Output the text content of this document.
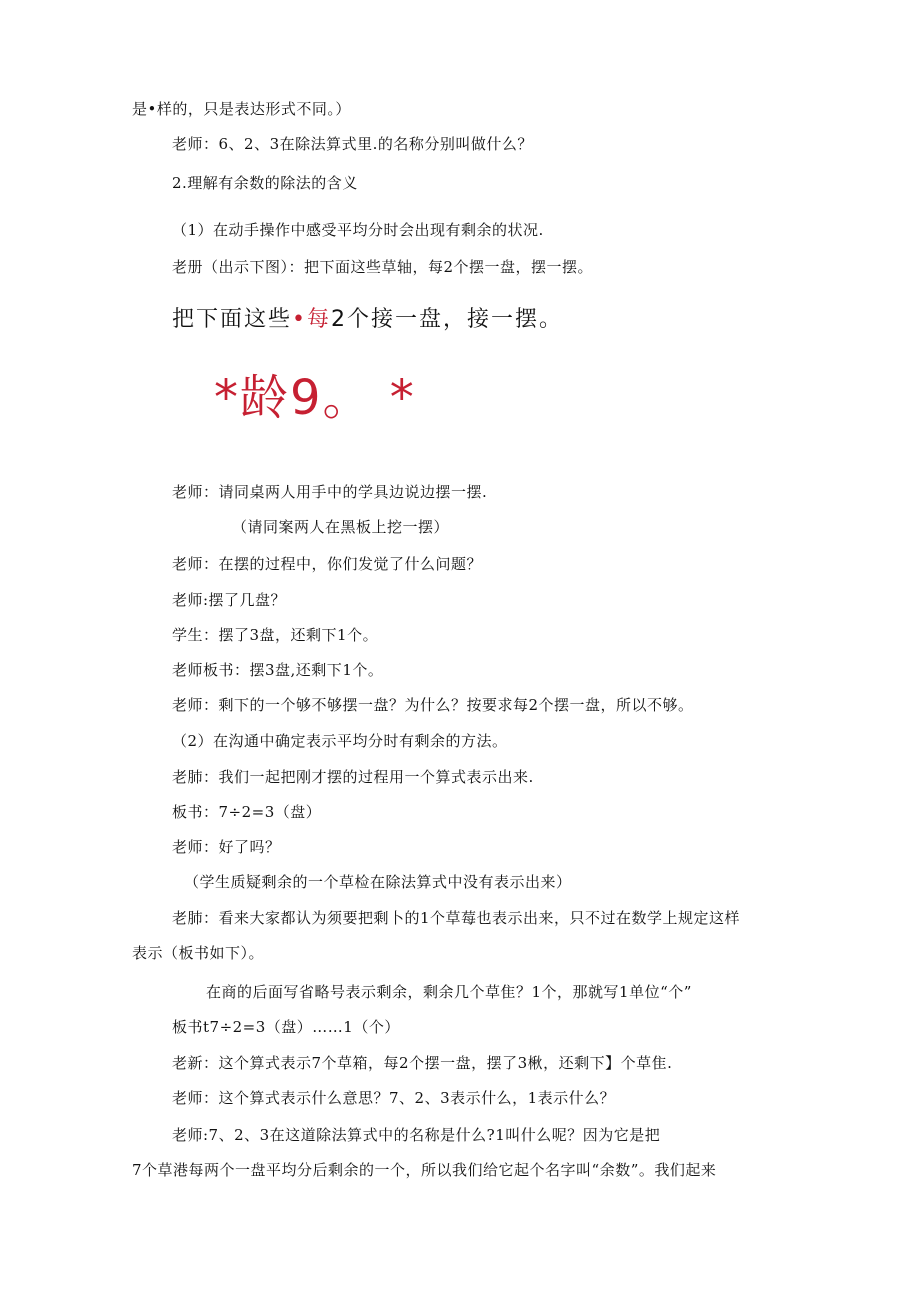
是•样的，只是表达形式不同。）
老师：6、2、3在除法算式里.的名称分别叫做什么？
2.理解有余数的除法的含义
（1）在动手操作中感受平均分时会出现有剩余的状况.
老册（出示下图）：把下面这些草轴，每2个摆一盘，摆一摆。
把下面这些•每2个接一盘，接一摆。
*龄9。 *
老师：请同桌两人用手中的学具边说边摆一摆.
（请同案两人在黑板上挖一摆）
老师：在摆的过程中，你们发觉了什么问题？
老师:摆了几盘？
学生：摆了3盘，还剩下1个。
老师板书：摆3盘,还剩下1个。
老师：剩下的一个够不够摆一盘？为什么？按要求每2个摆一盘，所以不够。
（2）在沟通中确定表示平均分时有剩余的方法。
老肺：我们一起把刚才摆的过程用一个算式表示出来.
板书：7÷2=3（盘）
老师：好了吗？
（学生质疑剩余的一个草检在除法算式中没有表示出来）
老肺：看来大家都认为须要把剩卜的1个草莓也表示出来，只不过在数学上规定这样
表示（板书如下）。
在商的后面写省略号表示剩余，剩余几个草隹？1个，那就写1单位“个”
板书t7÷2=3（盘）……1（个）
老新：这个算式表示7个草箱，每2个摆一盘，摆了3楸，还剩下】个草隹.
老师：这个算式表示什么意思？7、2、3表示什么，1表示什么？
老师:7、2、3在这道除法算式中的名称是什么?1叫什么呢？因为它是把
7个草港每两个一盘平均分后剩余的一个，所以我们给它起个名字叫“余数”。我们起来
